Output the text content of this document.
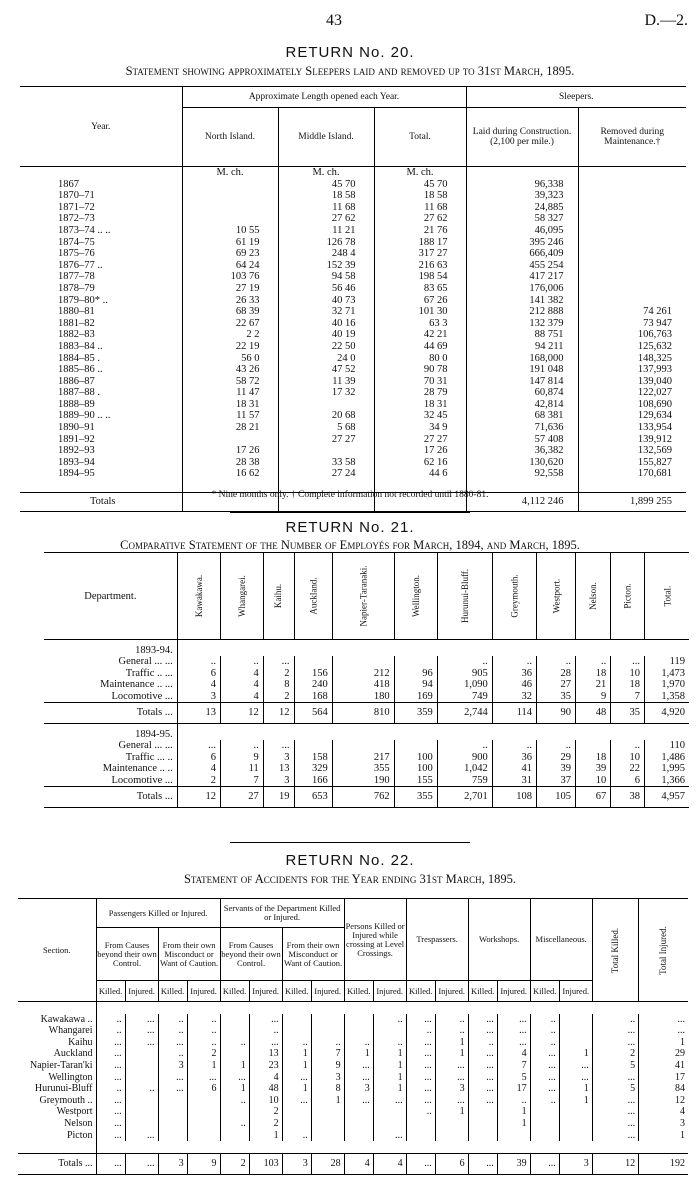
43	D.—2.
RETURN No. 20.
Statement showing approximately Sleepers laid and removed up to 31st March, 1895.
Year.	Approximate Length opened each Year.			Sleepers.	
	North Island.	Middle Island.	Total.	Laid during Construction. (2,100 per mile.)	Removed during Maintenance.†
	M. ch.	M. ch.	M. ch.		
1867		45 70	45 70	96,338	
1870–71		18 58	18 58	39,323	
1871–72		11 68	11 68	24,885	
1872–73		27 62	27 62	58 327	
1873–74 .. ..	10 55	11 21	21 76	46,095	
1874–75	61 19	126 78	188 17	395 246	
1875–76	69 23	248 4	317 27	666,409	
1876–77 ..	64 24	152 39	216 63	455 254	
1877–78	103 76	94 58	198 54	417 217	
1878–79	27 19	56 46	83 65	176,006	
1879–80* ..	26 33	40 73	67 26	141 382	
1880–81	68 39	32 71	101 30	212 888	74 261
1881–82	22 67	40 16	63 3	132 379	73 947
1882–83	2 2	40 19	42 21	88 751	106,763
1883–84 ..	22 19	22 50	44 69	94 211	125,632
1884–85 .	56 0	24 0	80 0	168,000	148,325
1885–86 ..	43 26	47 52	90 78	191 048	137,993
1886–87	58 72	11 39	70 31	147 814	139,040
1887–88 .	11 47	17 32	28 79	60,874	122,027
1888–89	18 31		18 31	42,814	108,690
1889–90 .. ..	11 57	20 68	32 45	68 381	129,634
1890–91	28 21	5 68	34 9	71,636	133,954
1891–92		27 27	27 27	57 408	139,912
1892–93	17 26		17 26	36,382	132,569
1893–94	28 38	33 58	62 16	130,620	155,827
1894–95	16 62	27 24	44 6	92,558	170,681

Totals				4,112 246	1,899 255
* Nine months only. † Complete information not recorded until 1880-81.
RETURN No. 21.
Comparative Statement of the Number of Employés for March, 1894, and March, 1895.
Department.	Kawakawa.	Whangarei.	Kaihu.	Auckland.	Napier-Taranaki.	Wellington.	Hurunui-Bluff.	Greymouth.	Westport.	Nelson.	Picton.	Total.
1893-94.												
General ... ...	..	..	...				..	..	..	..	...	119
Traffic .. ...	6	4	2	156	212	96	905	36	28	18	10	1,473
Maintenance .. ...	4	4	8	240	418	94	1,090	46	27	21	18	1,970
Locomotive ...	3	4	2	168	180	169	749	32	35	9	7	1,358
Totals ...	13	12	12	564	810	359	2,744	114	90	48	35	4,920
1894-95.												
General ... ...	...	..	...				..	..	..		..	110
Traffic ... ..	6	9	3	158	217	100	900	36	29	18	10	1,486
Maintenance .. ..	4	11	13	329	355	100	1,042	41	39	39	22	1,995
Locomotive ...	2	7	3	166	190	155	759	31	37	10	6	1,366
Totals ...	12	27	19	653	762	355	2,701	108	105	67	38	4,957
RETURN No. 22.
Statement of Accidents for the Year ending 31st March, 1895.
Section.	Passengers Killed or Injured.				Servants of the Department Killed or Injured.				Persons Killed or Injured while crossing at Level Crossings.		Trespassers.		Workshops.		Miscellaneous.		Total Killed.	Total Injured.
	From Causes beyond their own Control.		From their own Misconduct or Want of Caution.		From Causes beyond their own Control.		From their own Misconduct or Want of Caution.											
	Killed.	Injured.	Killed.	Injured.	Killed.	Injured.	Killed.	Injured.	Killed.	Injured.	Killed.	Injured.	Killed.	Injured.	Killed.	Injured.		

Kawakawa ..	..	...	..	..		...				..	...	..	...	...	..		..	...
Whangarei	..	...	..	..		..					..	..	...	...	..		...	...
Kaihu	...	...	...	..	..	...	..	..	..	..	...	1	..	...	..		...	1
Auckland	...		..	2		13	1	7	1	1	...	1	...	4	...	1	2	29
Napier-Taran'ki	...		3	1	1	23	1	9	...	1	...	...	...	7	...	...	5	41
Wellington	...		...	...	...	4	...	3	...	1	...	...	...	5	...	...	...	17
Hurunui-Bluff	..	..	...	6	1	48	1	8	3	1	...	3	...	17	...	1	5	84
Greymouth ..	...				..	10	...	1	...	...	...	...	...	..	..	1	...	12
Westport	...					2					..	1		1			...	4
Nelson	...				..	2								1			...	3
Picton	...	...				1	..			...							...	1

Totals ...	...	...	3	9	2	103	3	28	4	4	...	6	...	39	...	3	12	192
